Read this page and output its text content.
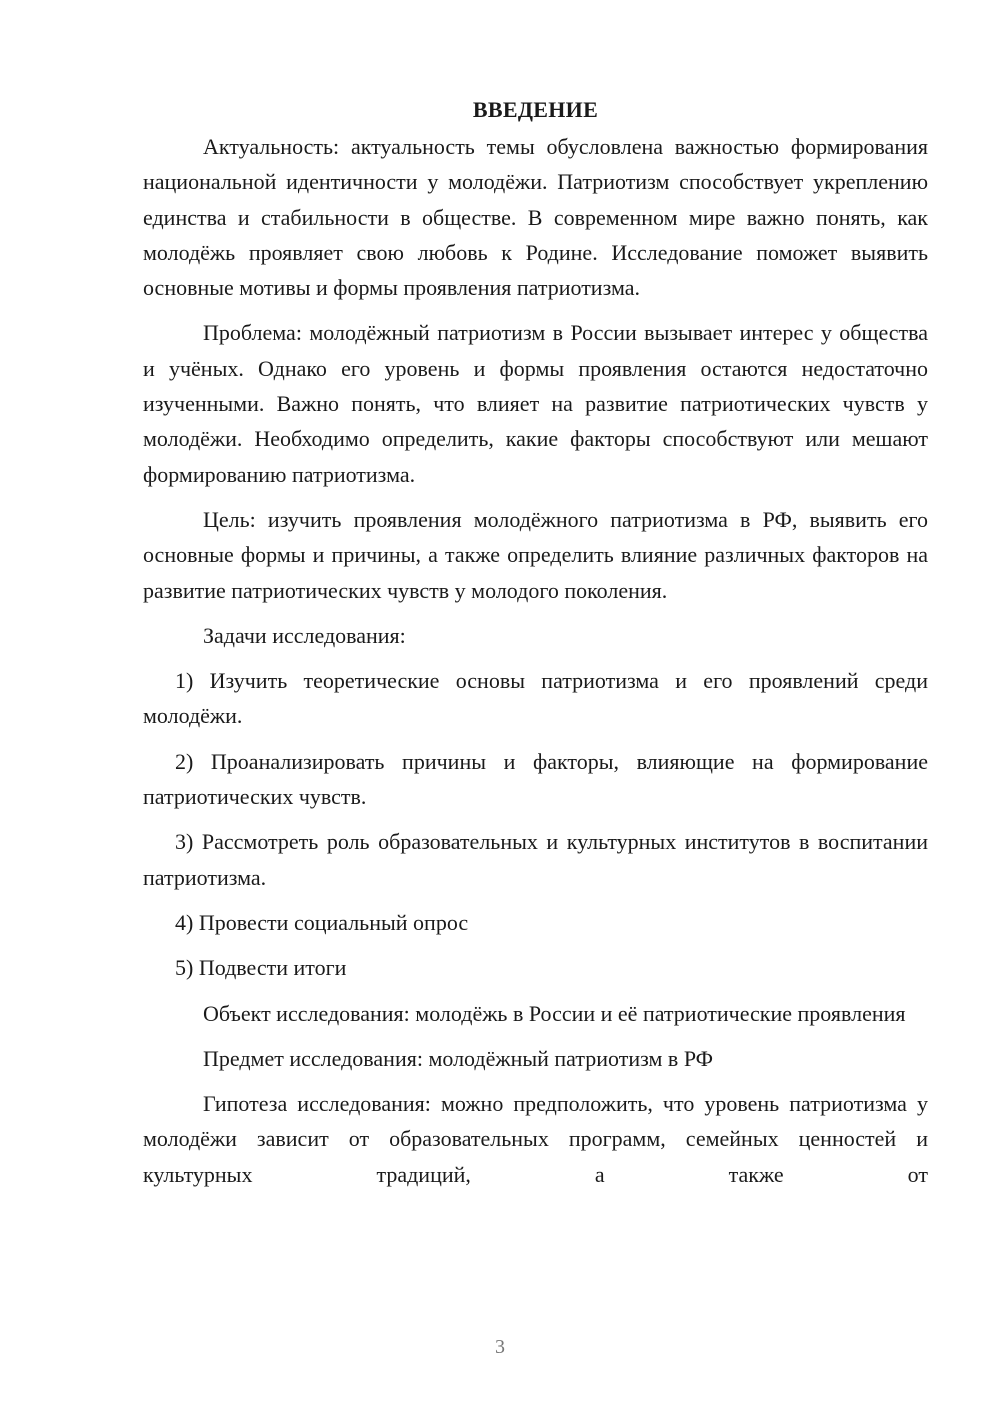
ВВЕДЕНИЕ

Актуальность: актуальность темы обусловлена важностью формирования национальной идентичности у молодёжи. Патриотизм способствует укреплению единства и стабильности в обществе. В современном мире важно понять, как молодёжь проявляет свою любовь к Родине. Исследование поможет выявить основные мотивы и формы проявления патриотизма.

Проблема: молодёжный патриотизм в России вызывает интерес у общества и учёных. Однако его уровень и формы проявления остаются недостаточно изученными. Важно понять, что влияет на развитие патриотических чувств у молодёжи. Необходимо определить, какие факторы способствуют или мешают формированию патриотизма.

Цель: изучить проявления молодёжного патриотизма в РФ, выявить его основные формы и причины, а также определить влияние различных факторов на развитие патриотических чувств у молодого поколения.

Задачи исследования:

1) Изучить теоретические основы патриотизма и его проявлений среди молодёжи.

2) Проанализировать причины и факторы, влияющие на формирование патриотических чувств.

3) Рассмотреть роль образовательных и культурных институтов в воспитании патриотизма.

4) Провести социальный опрос

5) Подвести итоги

Объект исследования: молодёжь в России и её патриотические проявления

Предмет исследования: молодёжный патриотизм в РФ

Гипотеза исследования: можно предположить, что уровень патриотизма у молодёжи зависит от образовательных программ, семейных ценностей и культурных традиций, а также от

3
